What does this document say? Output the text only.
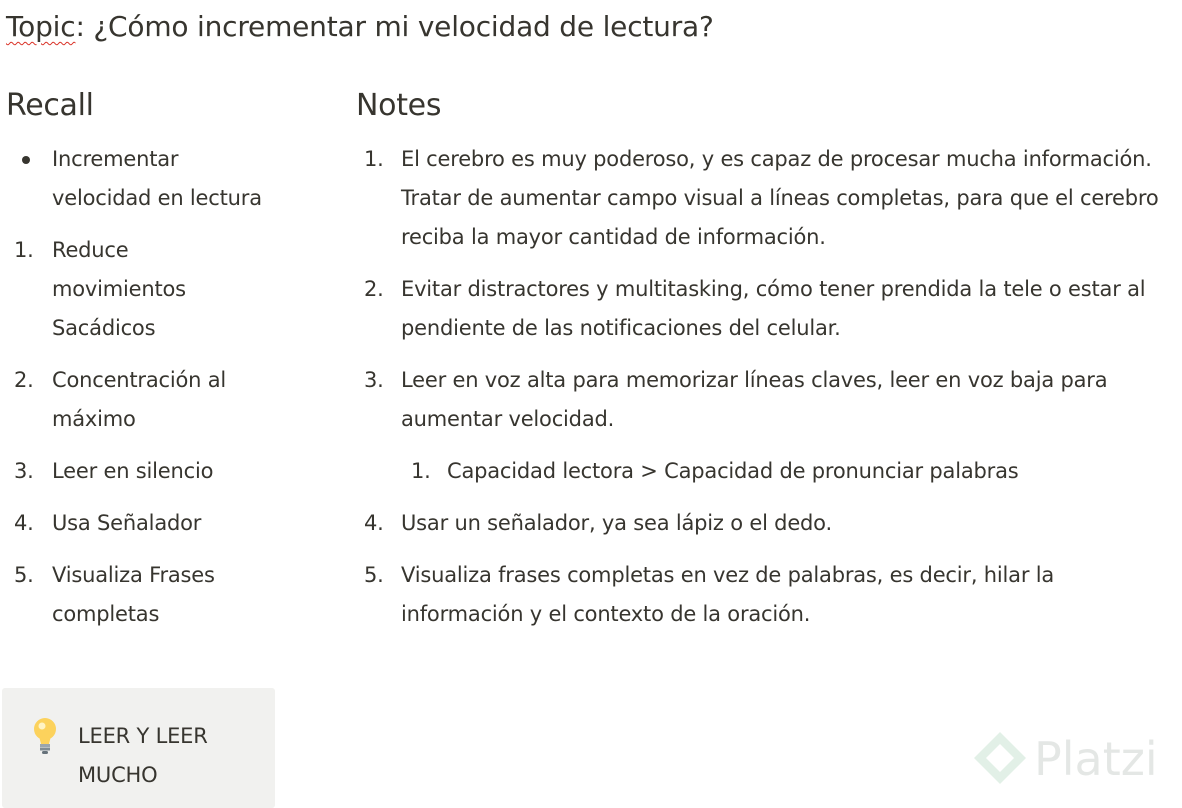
Topic: ¿Cómo incrementar mi velocidad de lectura?
Recall	Notes
Incrementar velocidad en lectura
1. Reduce movimientos Sacádicos
2. Concentración al máximo
3. Leer en silencio
4. Usa Señalador
5. Visualiza Frases completas
LEER Y LEER MUCHO
1. El cerebro es muy poderoso, y es capaz de procesar mucha información. Tratar de aumentar campo visual a líneas completas, para que el cerebro reciba la mayor cantidad de información.
2. Evitar distractores y multitasking, cómo tener prendida la tele o estar al pendiente de las notificaciones del celular.
3. Leer en voz alta para memorizar líneas claves, leer en voz baja para aumentar velocidad.
1. Capacidad lectora > Capacidad de pronunciar palabras
4. Usar un señalador, ya sea lápiz o el dedo.
5. Visualiza frases completas en vez de palabras, es decir, hilar la información y el contexto de la oración.
Platzi
